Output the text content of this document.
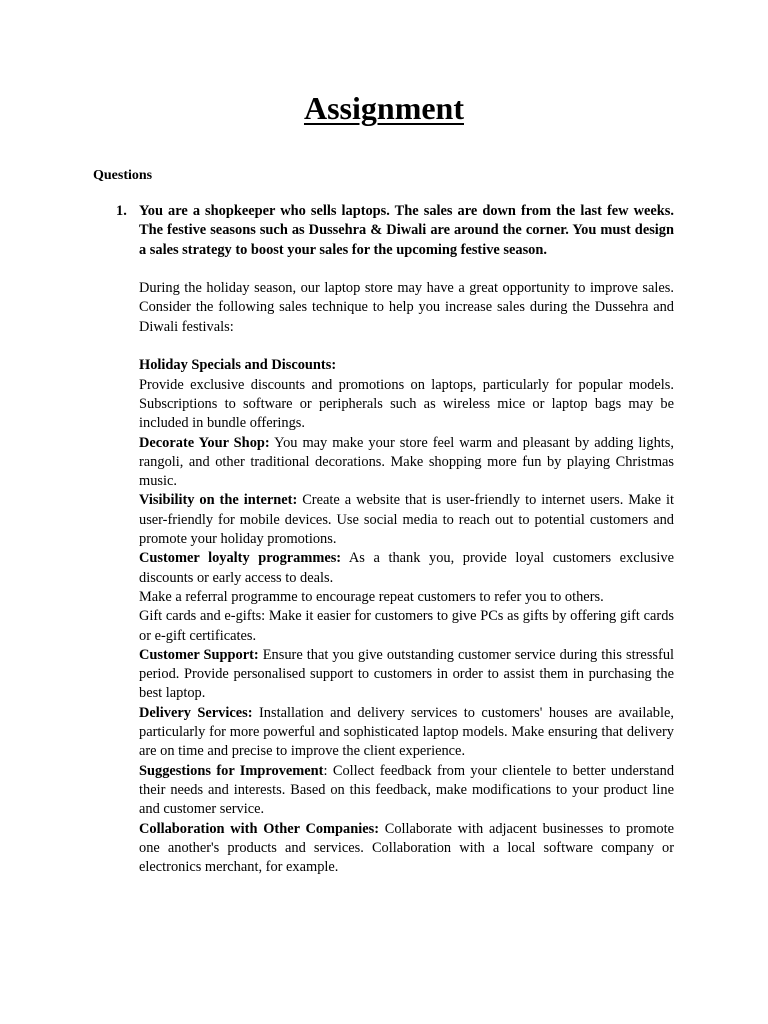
Assignment

Questions

1. You are a shopkeeper who sells laptops. The sales are down from the last few weeks. The festive seasons such as Dussehra & Diwali are around the corner. You must design a sales strategy to boost your sales for the upcoming festive season.

During the holiday season, our laptop store may have a great opportunity to improve sales. Consider the following sales technique to help you increase sales during the Dussehra and Diwali festivals:

Holiday Specials and Discounts:

Provide exclusive discounts and promotions on laptops, particularly for popular models. Subscriptions to software or peripherals such as wireless mice or laptop bags may be included in bundle offerings.

Decorate Your Shop: You may make your store feel warm and pleasant by adding lights, rangoli, and other traditional decorations. Make shopping more fun by playing Christmas music.

Visibility on the internet: Create a website that is user-friendly to internet users. Make it user-friendly for mobile devices. Use social media to reach out to potential customers and promote your holiday promotions.

Customer loyalty programmes: As a thank you, provide loyal customers exclusive discounts or early access to deals.

Make a referral programme to encourage repeat customers to refer you to others.

Gift cards and e-gifts: Make it easier for customers to give PCs as gifts by offering gift cards or e-gift certificates.

Customer Support: Ensure that you give outstanding customer service during this stressful period. Provide personalised support to customers in order to assist them in purchasing the best laptop.

Delivery Services: Installation and delivery services to customers' houses are available, particularly for more powerful and sophisticated laptop models. Make ensuring that delivery are on time and precise to improve the client experience.

Suggestions for Improvement: Collect feedback from your clientele to better understand their needs and interests. Based on this feedback, make modifications to your product line and customer service.

Collaboration with Other Companies: Collaborate with adjacent businesses to promote one another's products and services. Collaboration with a local software company or electronics merchant, for example.
